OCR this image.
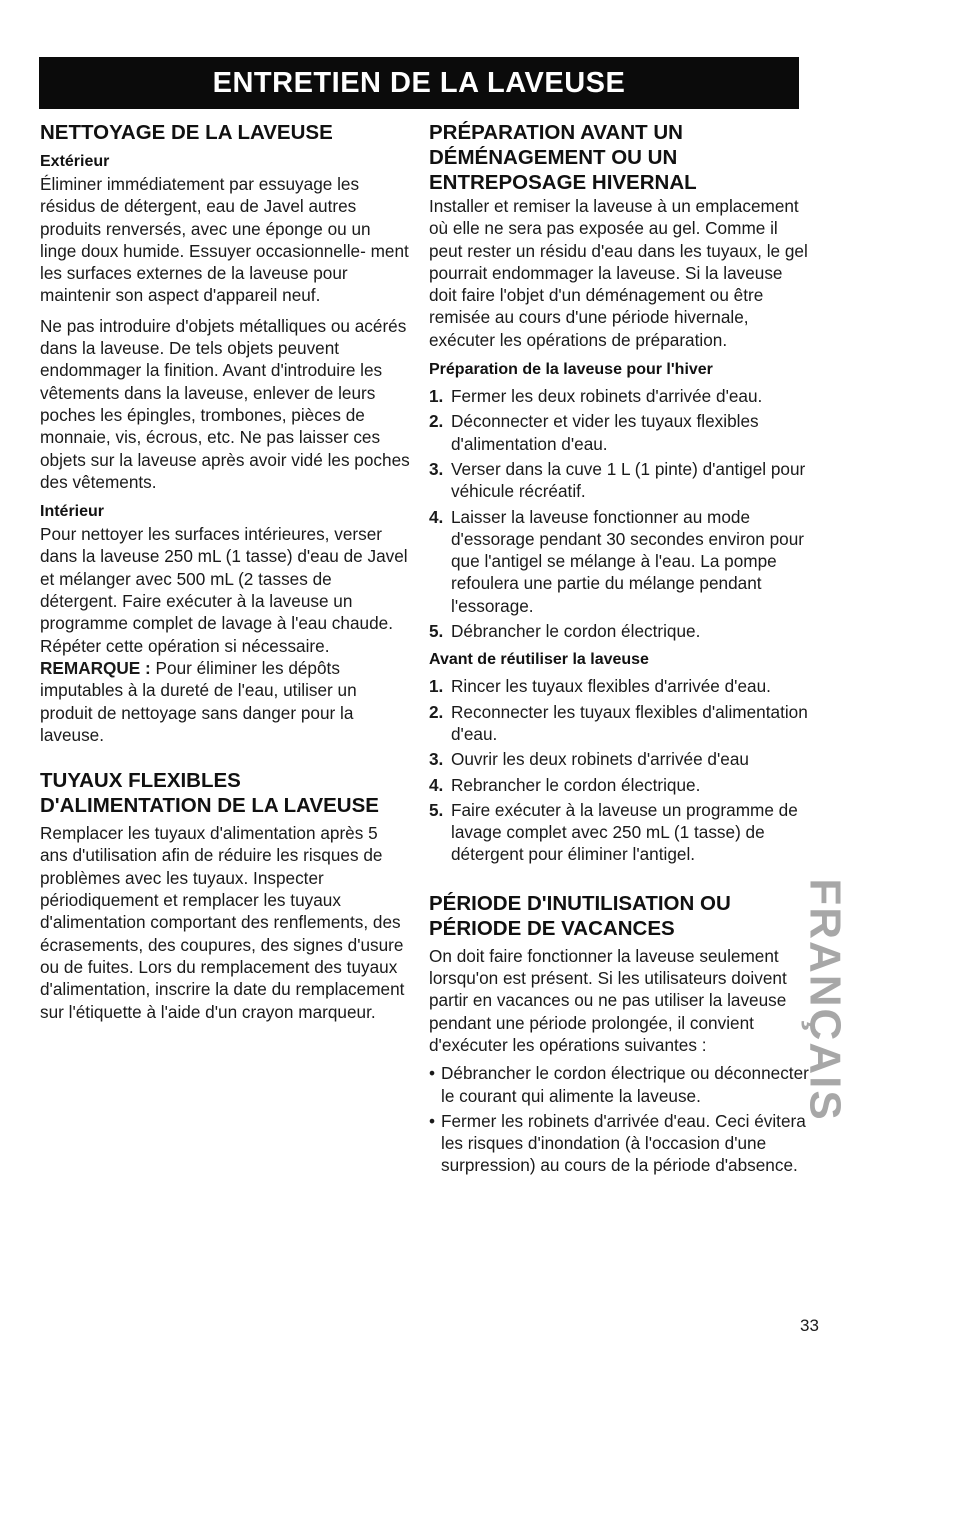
ENTRETIEN DE LA LAVEUSE
NETTOYAGE DE LA LAVEUSE
Extérieur

Éliminer immédiatement par essuyage les résidus de détergent, eau de Javel autres produits renversés, avec une éponge ou un linge doux humide. Essuyer occasionnelle- ment les surfaces externes de la laveuse pour maintenir son aspect d'appareil neuf.

Ne pas introduire d'objets métalliques ou acérés dans la laveuse. De tels objets peuvent endommager la finition. Avant d'introduire les vêtements dans la laveuse, enlever de leurs poches les épingles, trombones, pièces de monnaie, vis, écrous, etc. Ne pas laisser ces objets sur la laveuse après avoir vidé les poches des vêtements.

Intérieur

Pour nettoyer les surfaces intérieures, verser dans la laveuse 250 mL (1 tasse) d'eau de Javel et mélanger avec 500 mL (2 tasses de détergent. Faire exécuter à la laveuse un programme complet de lavage à l'eau chaude. Répéter cette opération si nécessaire.

REMARQUE : Pour éliminer les dépôts imputables à la dureté de l'eau, utiliser un produit de nettoyage sans danger pour la laveuse.

TUYAUX FLEXIBLES
D'ALIMENTATION DE LA LAVEUSE

Remplacer les tuyaux d'alimentation après 5 ans d'utilisation afin de réduire les risques de problèmes avec les tuyaux. Inspecter périodiquement et remplacer les tuyaux d'alimentation comportant des renflements, des écrasements, des coupures, des signes d'usure ou de fuites. Lors du remplacement des tuyaux d'alimentation, inscrire la date du remplacement sur l'étiquette à l'aide d'un crayon marqueur.

PRÉPARATION AVANT UN
DÉMÉNAGEMENT OU UN
ENTREPOSAGE HIVERNAL

Installer et remiser la laveuse à un emplacement où elle ne sera pas exposée au gel. Comme il peut rester un résidu d'eau dans les tuyaux, le gel pourrait endommager la laveuse. Si la laveuse doit faire l'objet d'un déménagement ou être remisée au cours d'une période hivernale, exécuter les opérations de préparation.

Préparation de la laveuse pour l'hiver
1. Fermer les deux robinets d'arrivée d'eau.
2. Déconnecter et vider les tuyaux flexibles d'alimentation d'eau.
3. Verser dans la cuve 1 L (1 pinte) d'antigel pour véhicule récréatif.
4. Laisser la laveuse fonctionner au mode d'essorage pendant 30 secondes environ pour que l'antigel se mélange à l'eau. La pompe refoulera une partie du mélange pendant l'essorage.
5. Débrancher le cordon électrique.
Avant de réutiliser la laveuse
1. Rincer les tuyaux flexibles d'arrivée d'eau.
2. Reconnecter les tuyaux flexibles d'alimentation d'eau.
3. Ouvrir les deux robinets d'arrivée d'eau
4. Rebrancher le cordon électrique.
5. Faire exécuter à la laveuse un programme de lavage complet avec 250 mL (1 tasse) de détergent pour éliminer l'antigel.
PÉRIODE D'INUTILISATION OU
PÉRIODE DE VACANCES

On doit faire fonctionner la laveuse seulement lorsqu'on est présent. Si les utilisateurs doivent partir en vacances ou ne pas utiliser la laveuse pendant une période prolongée, il convient d'exécuter les opérations suivantes :

• Débrancher le cordon électrique ou déconnecter le courant qui alimente la laveuse.
• Fermer les robinets d'arrivée d'eau. Ceci évitera les risques d'inondation (à l'occasion d'une surpression) au cours de la période d'absence.
FRANÇAIS
33
